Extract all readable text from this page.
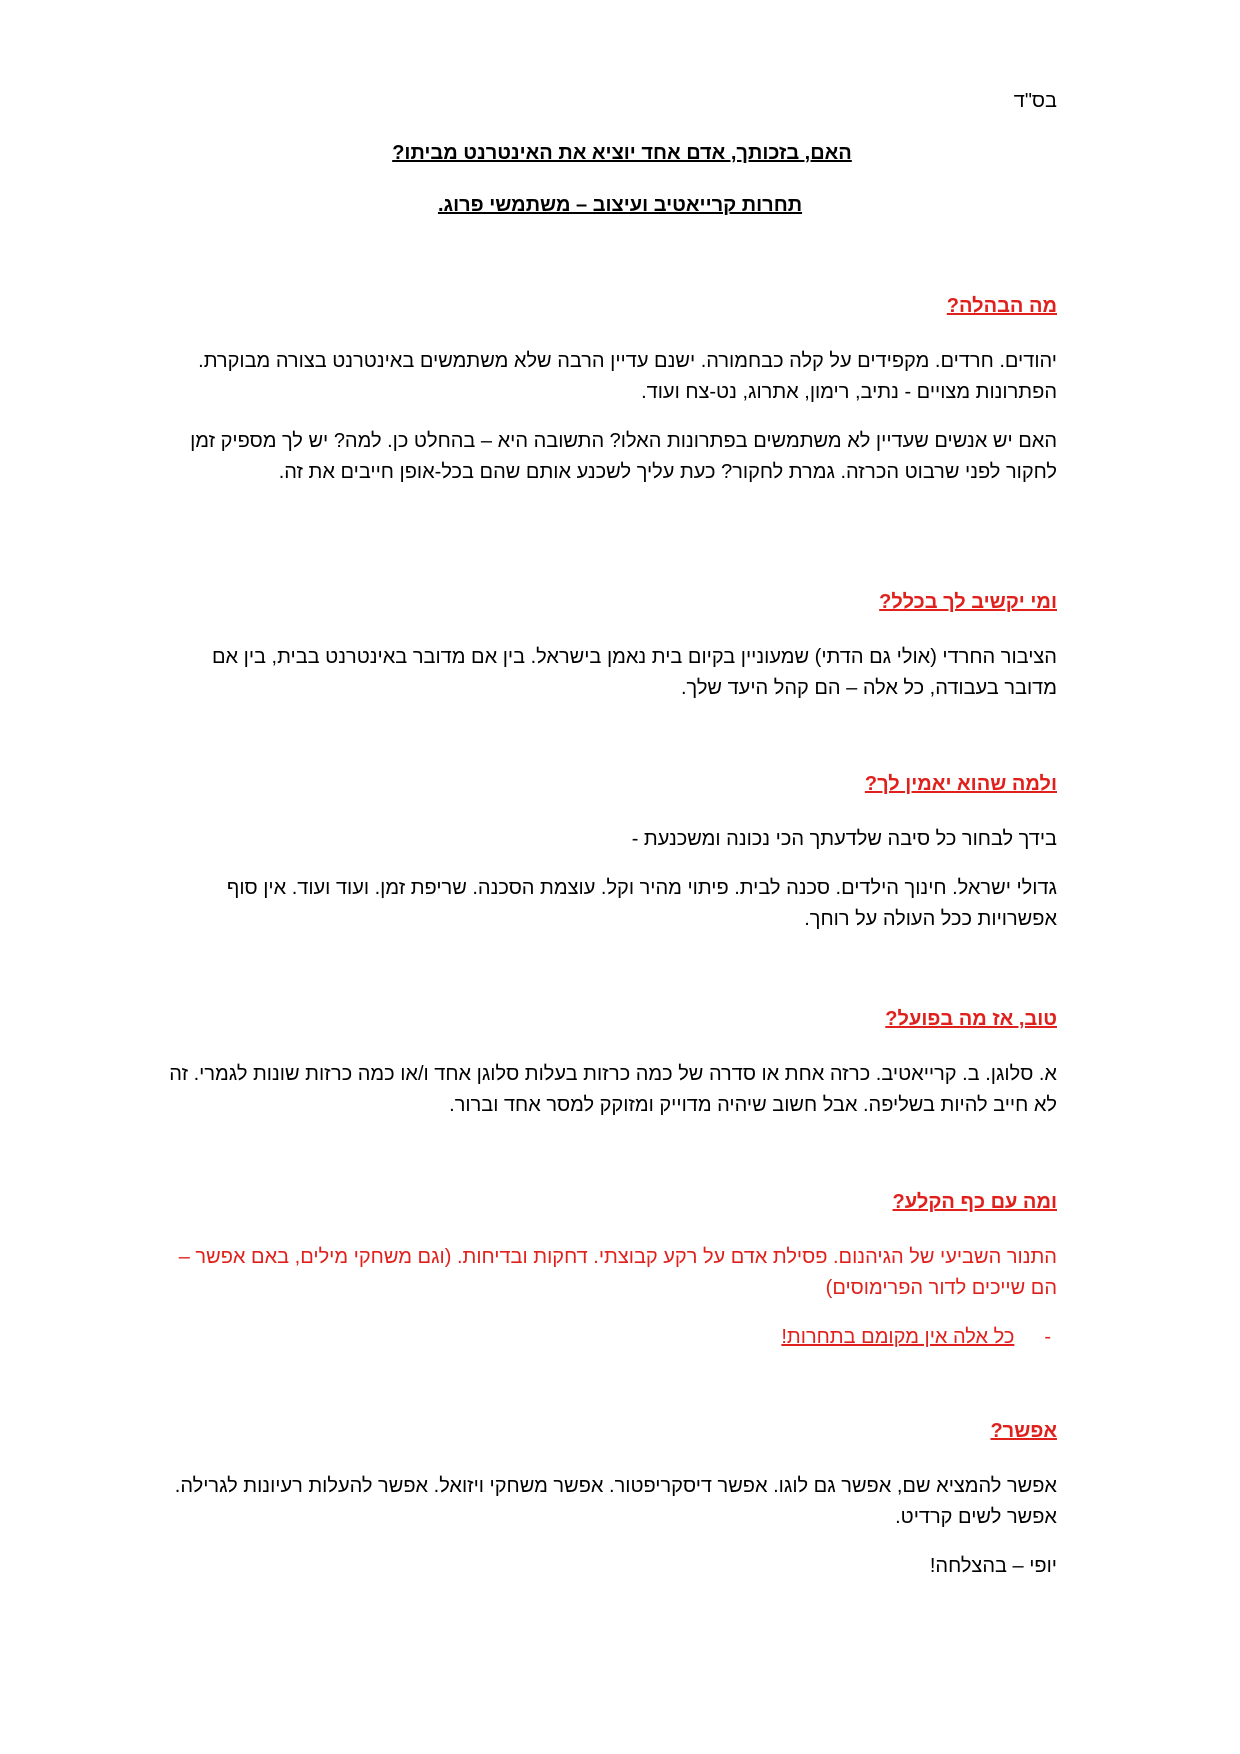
בס"ד
האם, בזכותך, אדם אחד יוציא את האינטרנט מביתו?
תחרות קרייאטיב ועיצוב – משתמשי פרוג.
מה הבהלה?

יהודים. חרדים. מקפידים על קלה כבחמורה. ישנם עדיין הרבה שלא משתמשים באינטרנט בצורה מבוקרת. הפתרונות מצויים - נתיב, רימון, אתרוג, נט-צח ועוד.

האם יש אנשים שעדיין לא משתמשים בפתרונות האלו? התשובה היא – בהחלט כן. למה? יש לך מספיק זמן לחקור לפני שרבוט הכרזה. גמרת לחקור? כעת עליך לשכנע אותם שהם בכל-אופן חייבים את זה.

ומי יקשיב לך בכלל?

הציבור החרדי (אולי גם הדתי) שמעוניין בקיום בית נאמן בישראל. בין אם מדובר באינטרנט בבית, בין אם מדובר בעבודה, כל אלה – הם קהל היעד שלך.

ולמה שהוא יאמין לך?

בידך לבחור כל סיבה שלדעתך הכי נכונה ומשכנעת -

גדולי ישראל. חינוך הילדים. סכנה לבית. פיתוי מהיר וקל. עוצמת הסכנה. שריפת זמן. ועוד ועוד. אין סוף אפשרויות ככל העולה על רוחך.

טוב, אז מה בפועל?

א. סלוגן. ב. קרייאטיב. כרזה אחת או סדרה של כמה כרזות בעלות סלוגן אחד ו/או כמה כרזות שונות לגמרי. זה לא חייב להיות בשליפה. אבל חשוב שיהיה מדוייק ומזוקק למסר אחד וברור.

ומה עם כף הקלע?

התנור השביעי של הגיהנום. פסילת אדם על רקע קבוצתי. דחקות ובדיחות. (וגם משחקי מילים, באם אפשר – הם שייכים לדור הפרימוסים)

-
כל אלה אין מקומם בתחרות!
אפשר?

אפשר להמציא שם, אפשר גם לוגו. אפשר דיסקריפטור. אפשר משחקי ויזואל. אפשר להעלות רעיונות לגרילה. אפשר לשים קרדיט.

יופי – בהצלחה!
